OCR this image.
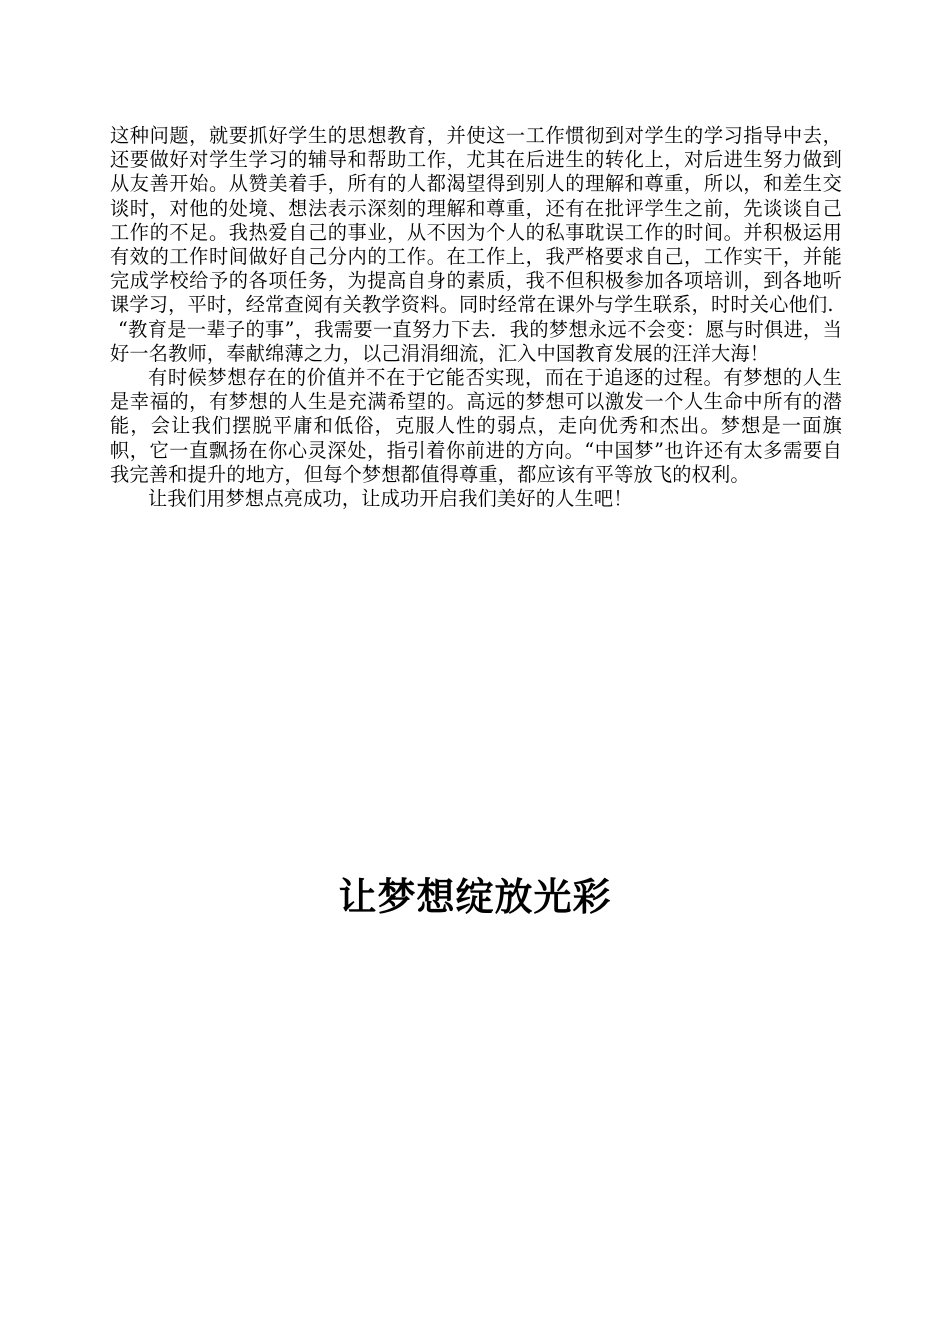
这种问题，就要抓好学生的思想教育，并使这一工作惯彻到对学生的学习指导中去，还要做好对学生学习的辅导和帮助工作，尤其在后进生的转化上，对后进生努力做到从友善开始。从赞美着手，所有的人都渴望得到别人的理解和尊重，所以，和差生交谈时，对他的处境、想法表示深刻的理解和尊重，还有在批评学生之前，先谈谈自己工作的不足。我热爱自己的事业，从不因为个人的私事耽误工作的时间。并积极运用有效的工作时间做好自己分内的工作。在工作上，我严格要求自己，工作实干，并能完成学校给予的各项任务，为提高自身的素质，我不但积极参加各项培训，到各地听课学习，平时，经常查阅有关教学资料。同时经常在课外与学生联系，时时关心他们.

“教育是一辈子的事”，我需要一直努力下去．我的梦想永远不会变：愿与时俱进，当好一名教师，奉献绵薄之力，以己涓涓细流，汇入中国教育发展的汪洋大海！

有时候梦想存在的价值并不在于它能否实现，而在于追逐的过程。有梦想的人生是幸福的，有梦想的人生是充满希望的。高远的梦想可以激发一个人生命中所有的潜能，会让我们摆脱平庸和低俗，克服人性的弱点，走向优秀和杰出。梦想是一面旗帜，它一直飘扬在你心灵深处，指引着你前进的方向。“中国梦”也许还有太多需要自我完善和提升的地方，但每个梦想都值得尊重，都应该有平等放飞的权利。

让我们用梦想点亮成功，让成功开启我们美好的人生吧！

让梦想绽放光彩
